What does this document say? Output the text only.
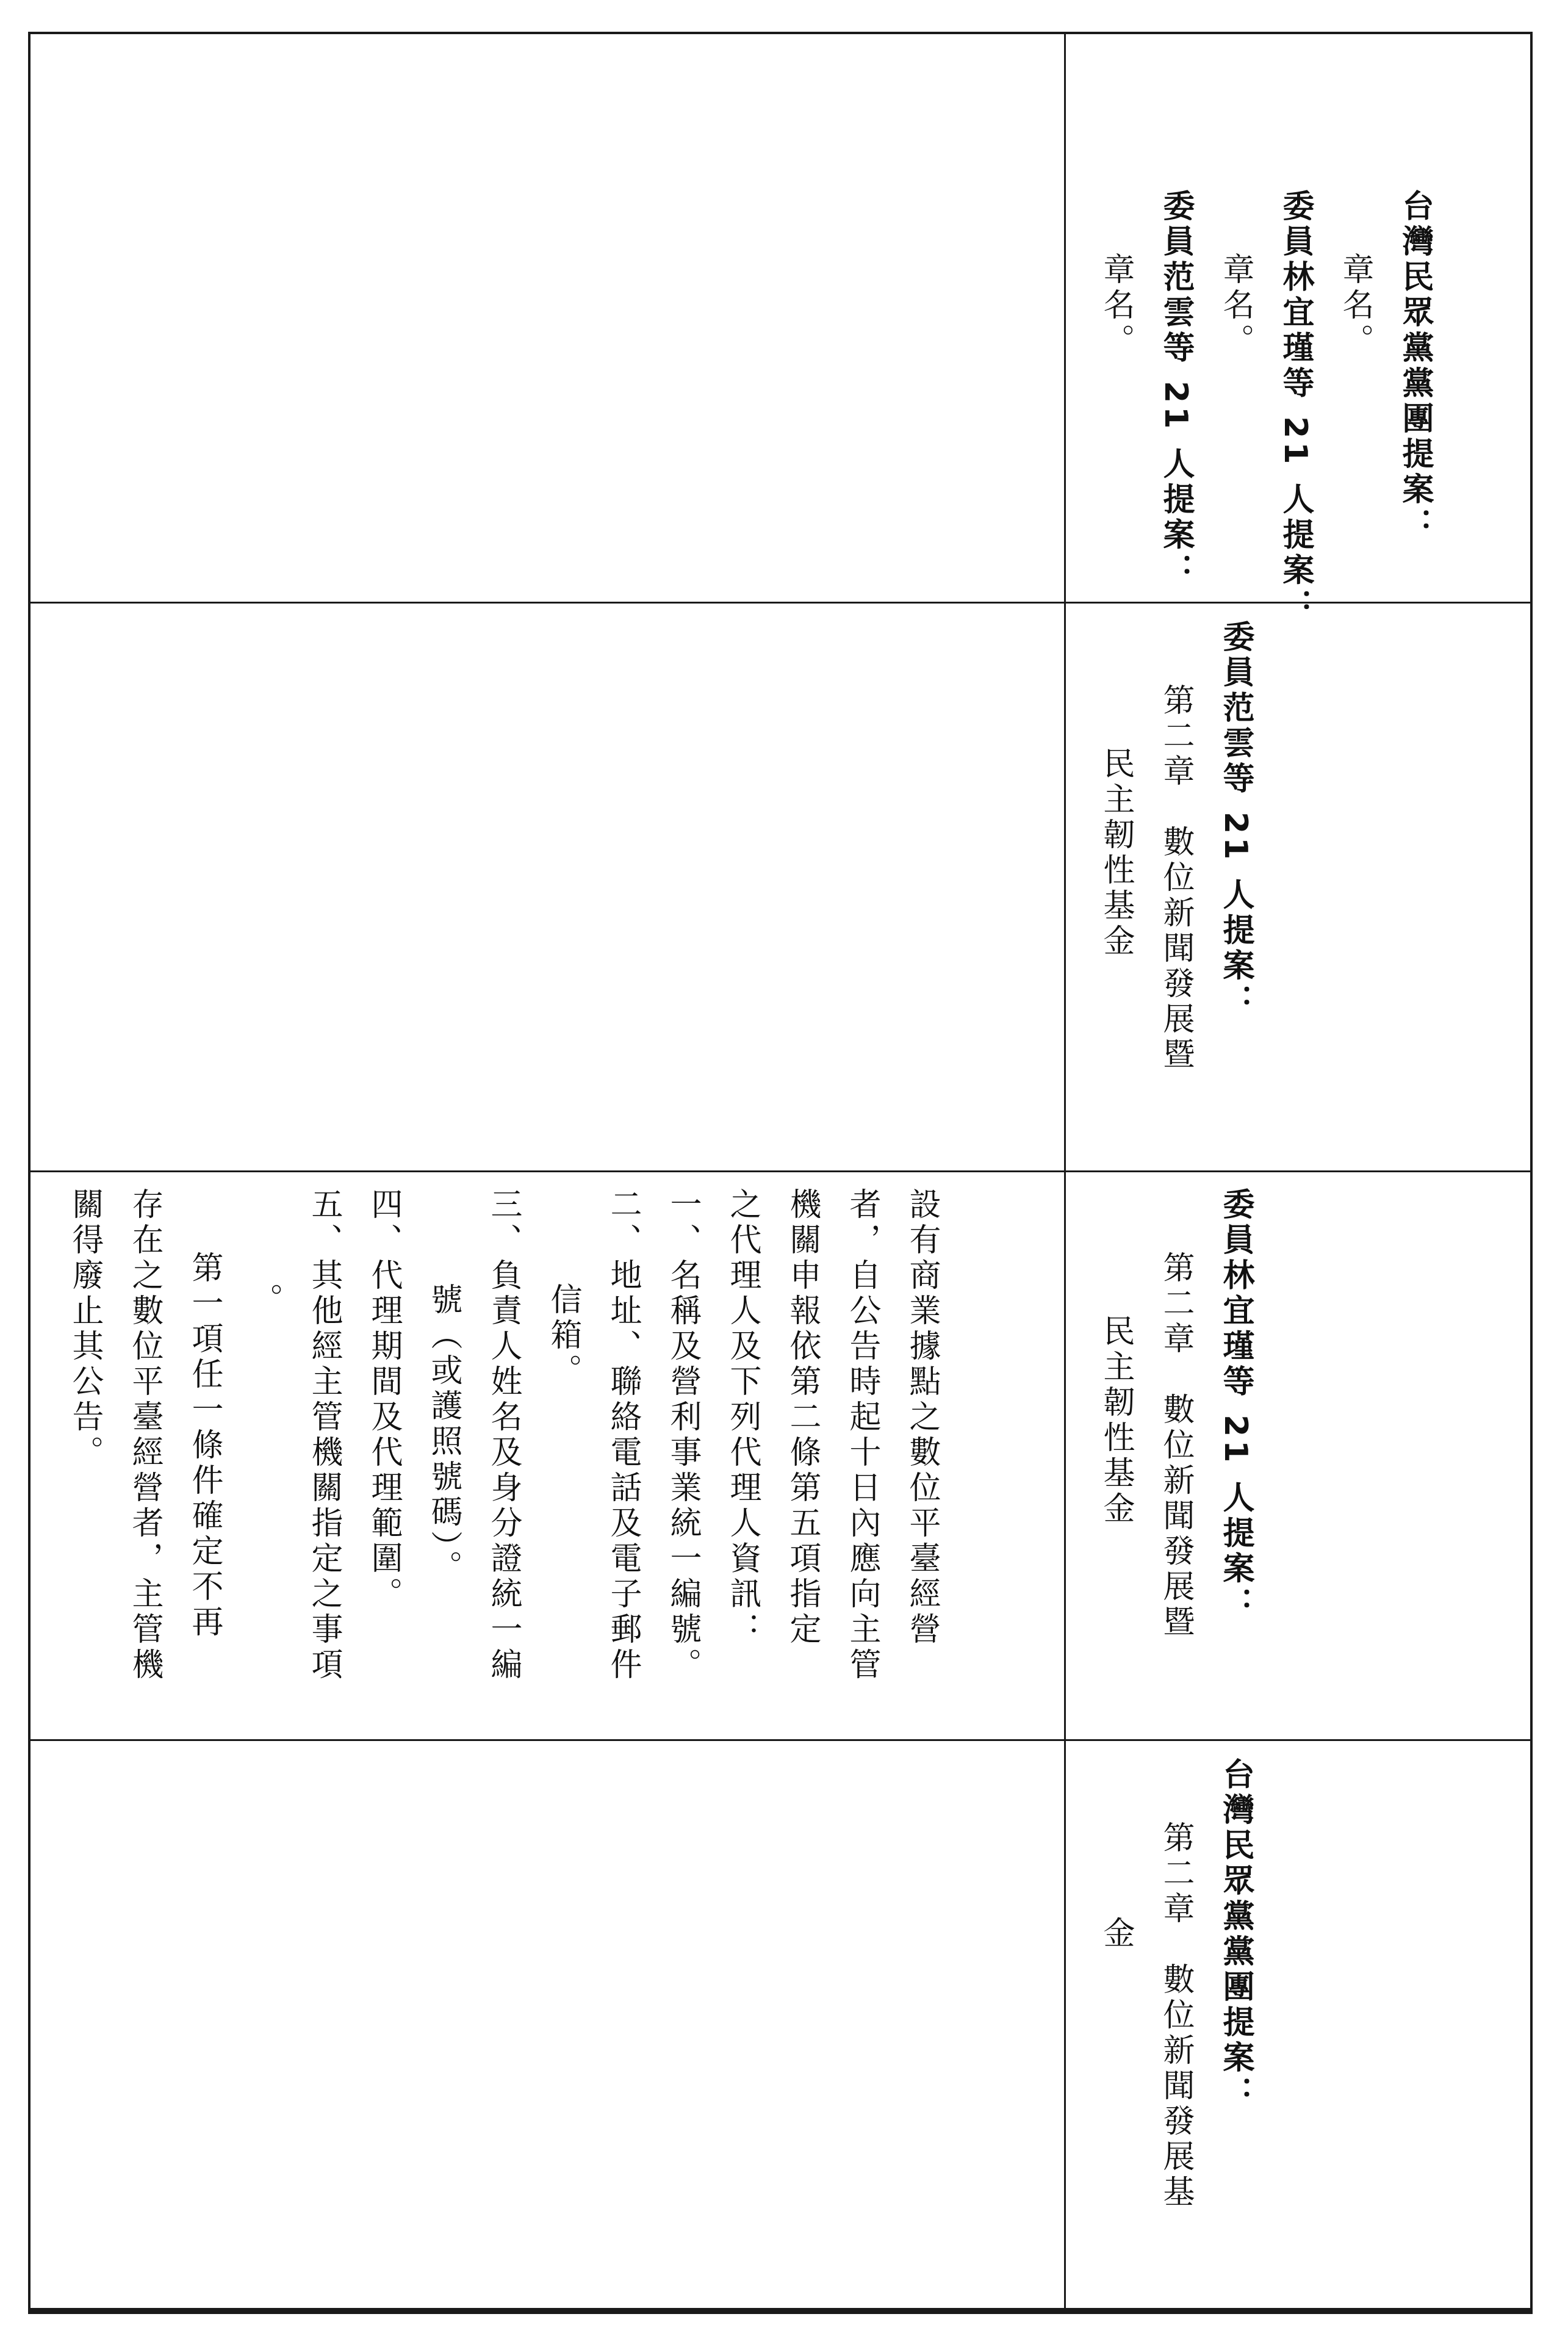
台灣民眾黨黨團提案：
章名。
委員林宜瑾等 21 人提案：
章名。
委員范雲等 21 人提案：
章名。
委員范雲等 21 人提案：
第二章　數位新聞發展暨
民主韌性基金
委員林宜瑾等 21 人提案：
第二章　數位新聞發展暨
民主韌性基金
台灣民眾黨黨團提案：
第二章　數位新聞發展基
金
設有商業據點之數位平臺經營
者，自公告時起十日內應向主管
機關申報依第二條第五項指定
之代理人及下列代理人資訊：
一、名稱及營利事業統一編號。
二、地址、聯絡電話及電子郵件
信箱。
三、負責人姓名及身分證統一編
號（或護照號碼）。
四、代理期間及代理範圍。
五、其他經主管機關指定之事項
。
第一項任一條件確定不再
存在之數位平臺經營者，主管機
關得廢止其公告。
